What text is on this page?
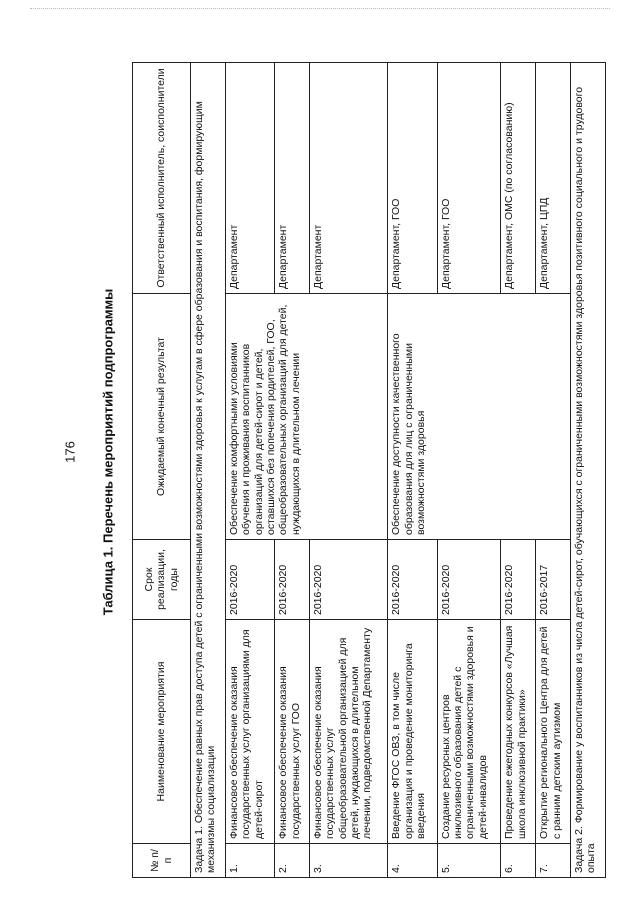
176 Таблица 1. Перечень мероприятий подпрограммы
№ п/п	Наименование мероприятия	Срок реализации, годы	Ожидаемый конечный результат	Ответственный исполнитель, соисполнители
Задача 1. Обеспечение равных прав доступа детей с ограниченными возможностями здоровья к услугам в сфере образования и воспитания, формирующим механизмы социализации				
1.	Финансовое обеспечение оказания государственных услуг организациями для детей-сирот	2016-2020	Обеспечение комфортными условиями обучения и проживания воспитанников организаций для детей-сирот и детей, оставшихся без попечения родителей, ГОО, общеобразовательных организаций для детей, нуждающихся в длительном лечении	Департамент
2.	Финансовое обеспечение оказания государственных услуг ГОО	2016-2020		Департамент
3.	Финансовое обеспечение оказания государственных услуг общеобразовательной организацией для детей, нуждающихся в длительном лечении, подведомственной Департаменту	2016-2020		Департамент
4.	Введение ФГОС ОВЗ, в том числе организация и проведение мониторинга введения	2016-2020	Обеспечение доступности качественного образования для лиц с ограниченными возможностями здоровья	Департамент, ГОО
5.	Создание ресурсных центров инклюзивного образования детей с ограниченными возможностями здоровья и детей-инвалидов	2016-2020		Департамент, ГОО
6.	Проведение ежегодных конкурсов «Лучшая школа инклюзивной практики»	2016-2020		Департамент, ОМС (по согласованию)
7.	Открытие регионального Центра для детей с ранним детским аутизмом	2016-2017		Департамент, ЦПД
Задача 2. Формирование у воспитанников из числа детей-сирот, обучающихся с ограниченными возможностями здоровья позитивного социального и трудового опыта				
